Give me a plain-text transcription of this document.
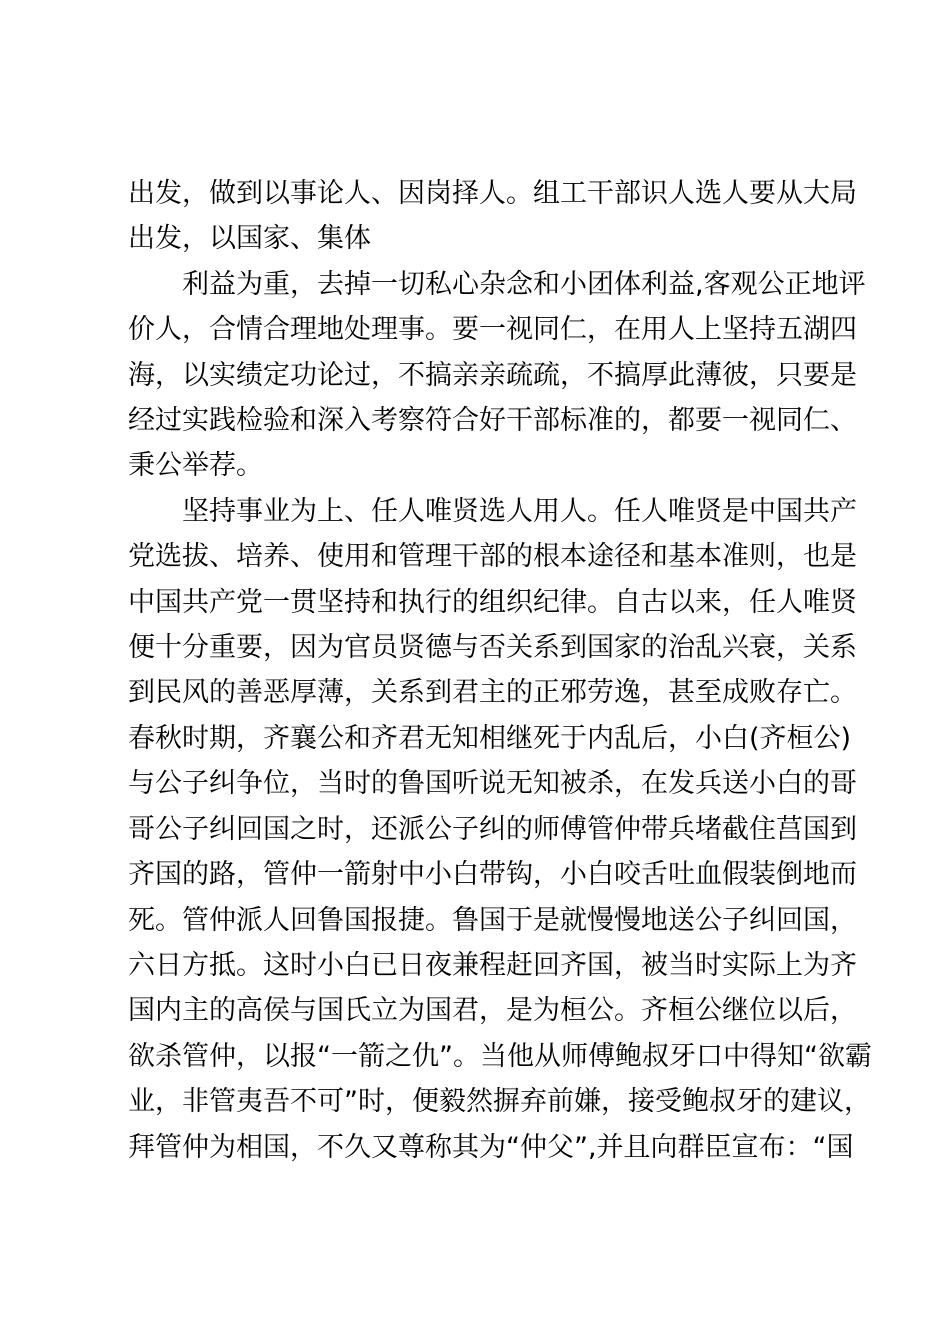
出发，做到以事论人、因岗择人。组工干部识人选人要从大局
出发，以国家、集体

利益为重，去掉一切私心杂念和小团体利益,客观公正地评
价人，合情合理地处理事。要一视同仁，在用人上坚持五湖四
海，以实绩定功论过，不搞亲亲疏疏，不搞厚此薄彼，只要是
经过实践检验和深入考察符合好干部标准的，都要一视同仁、
秉公举荐。

坚持事业为上、任人唯贤选人用人。任人唯贤是中国共产
党选拔、培养、使用和管理干部的根本途径和基本准则，也是
中国共产党一贯坚持和执行的组织纪律。自古以来，任人唯贤
便十分重要，因为官员贤德与否关系到国家的治乱兴衰，关系
到民风的善恶厚薄，关系到君主的正邪劳逸，甚至成败存亡。
春秋时期，齐襄公和齐君无知相继死于内乱后，小白(齐桓公)
与公子纠争位，当时的鲁国听说无知被杀，在发兵送小白的哥
哥公子纠回国之时，还派公子纠的师傅管仲带兵堵截住莒国到
齐国的路，管仲一箭射中小白带钩，小白咬舌吐血假装倒地而
死。管仲派人回鲁国报捷。鲁国于是就慢慢地送公子纠回国，
六日方抵。这时小白已日夜兼程赶回齐国，被当时实际上为齐
国内主的高侯与国氏立为国君，是为桓公。齐桓公继位以后，
欲杀管仲，以报“一箭之仇”。当他从师傅鲍叔牙口中得知“欲霸
业，非管夷吾不可”时，便毅然摒弃前嫌，接受鲍叔牙的建议，
拜管仲为相国，不久又尊称其为“仲父”,并且向群臣宣布：“国
